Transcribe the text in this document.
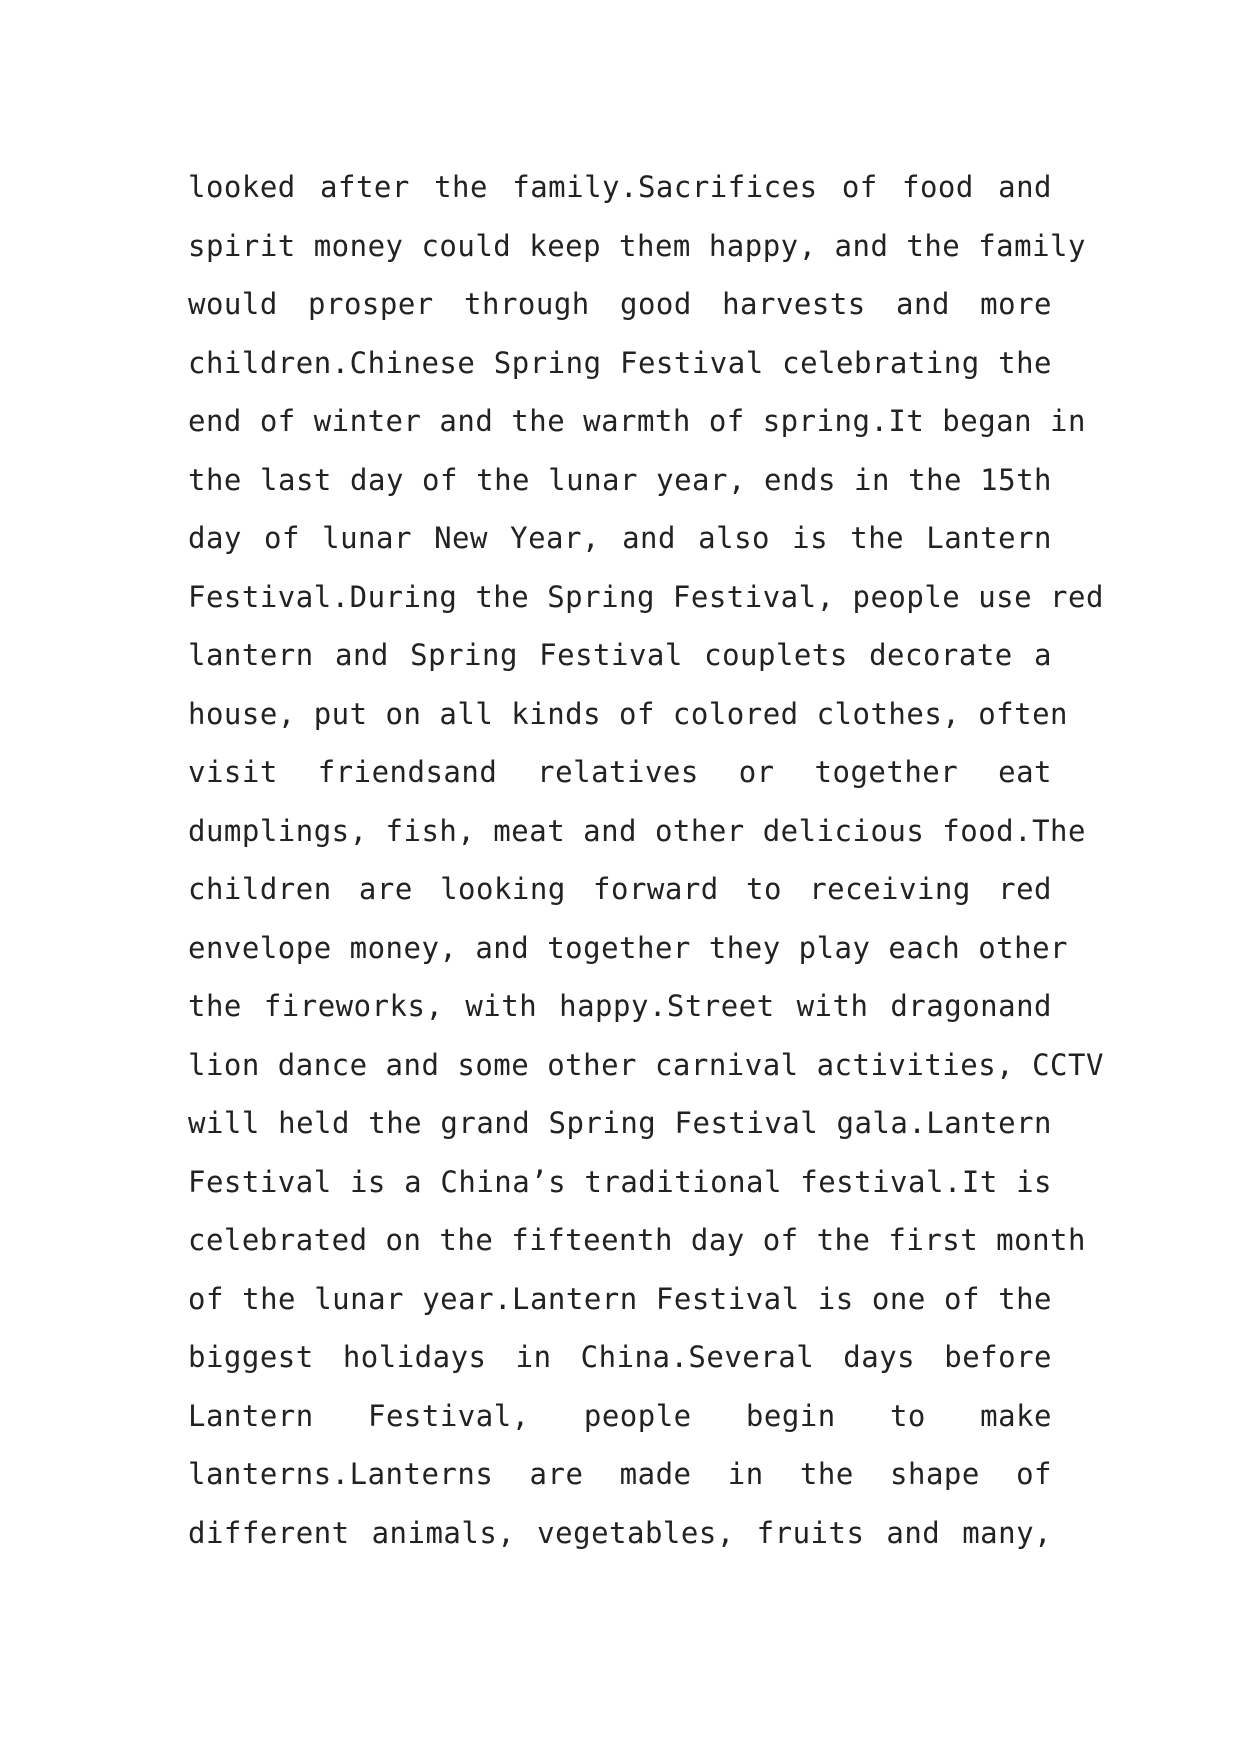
looked after the family.Sacrifices of food and
spirit money could keep them happy, and the family
would prosper through good harvests and more
children.Chinese Spring Festival celebrating the
end of winter and the warmth of spring.It began in
the last day of the lunar year, ends in the 15th
day of lunar New Year, and also is the Lantern
Festival.During the Spring Festival, people use red
lantern and Spring Festival couplets decorate a
house, put on all kinds of colored clothes, often
visit friendsand relatives or together eat
dumplings, fish, meat and other delicious food.The
children are looking forward to receiving red
envelope money, and together they play each other
the fireworks, with happy.Street with dragonand
lion dance and some other carnival activities, CCTV
will held the grand Spring Festival gala.Lantern
Festival is a China’s traditional festival.It is
celebrated on the fifteenth day of the first month
of the lunar year.Lantern Festival is one of the
biggest holidays in China.Several days before
Lantern Festival, people begin to make
lanterns.Lanterns are made in the shape of
different animals, vegetables, fruits and many,
